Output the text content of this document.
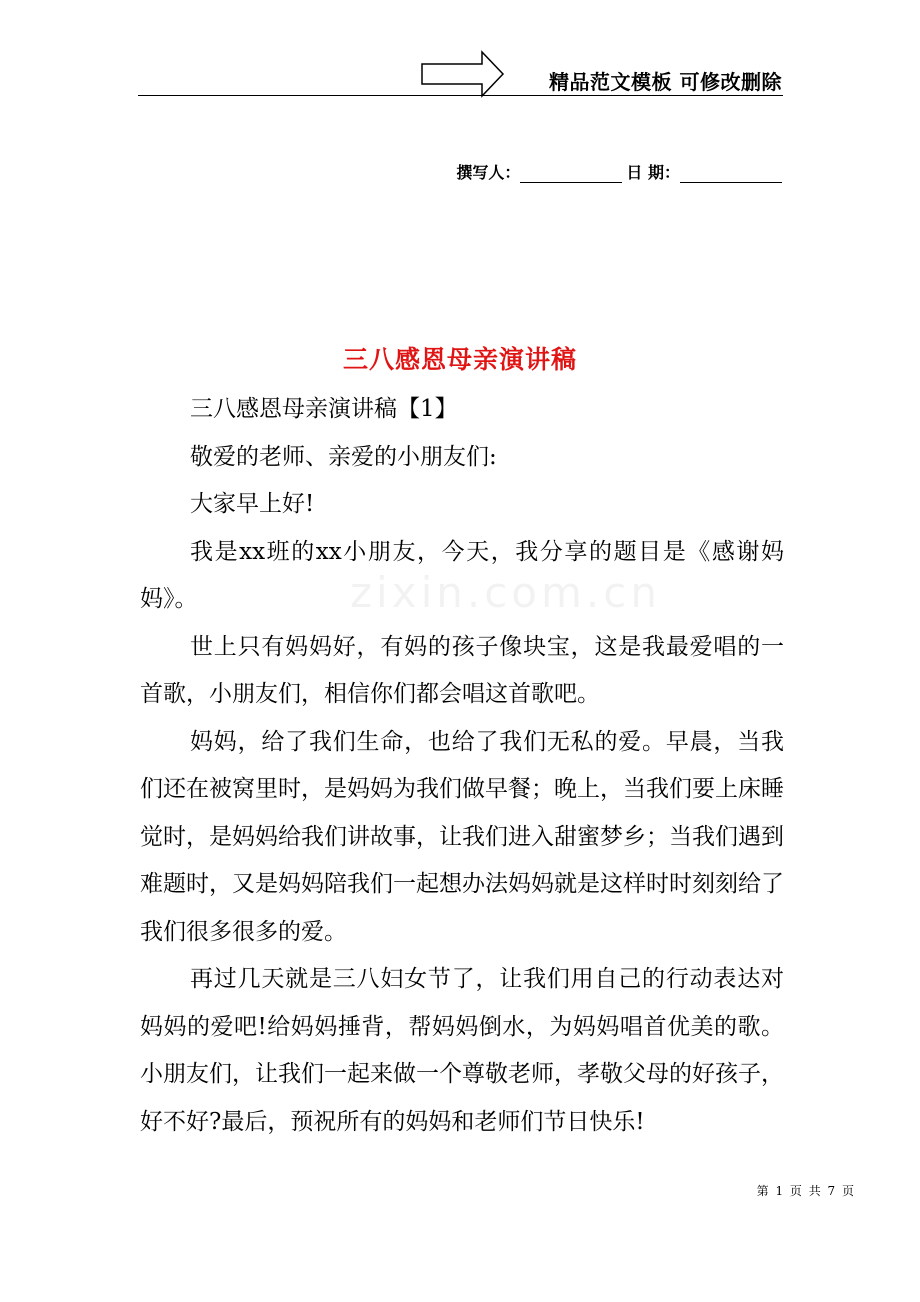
精品范文模板 可修改删除
撰写人：	日 期：
三八感恩母亲演讲稿
zixin.com.cn

三八感恩母亲演讲稿【1】

敬爱的老师、亲爱的小朋友们:

大家早上好!

我是xx班的xx小朋友，今天，我分享的题目是《感谢妈妈》。

世上只有妈妈好，有妈的孩子像块宝，这是我最爱唱的一首歌，小朋友们，相信你们都会唱这首歌吧。

妈妈，给了我们生命，也给了我们无私的爱。早晨，当我们还在被窝里时，是妈妈为我们做早餐；晚上，当我们要上床睡觉时，是妈妈给我们讲故事，让我们进入甜蜜梦乡；当我们遇到难题时，又是妈妈陪我们一起想办法妈妈就是这样时时刻刻给了我们很多很多的爱。

再过几天就是三八妇女节了，让我们用自己的行动表达对妈妈的爱吧!给妈妈捶背，帮妈妈倒水，为妈妈唱首优美的歌。小朋友们，让我们一起来做一个尊敬老师，孝敬父母的好孩子，好不好?最后，预祝所有的妈妈和老师们节日快乐!

第 1 页 共 7 页
